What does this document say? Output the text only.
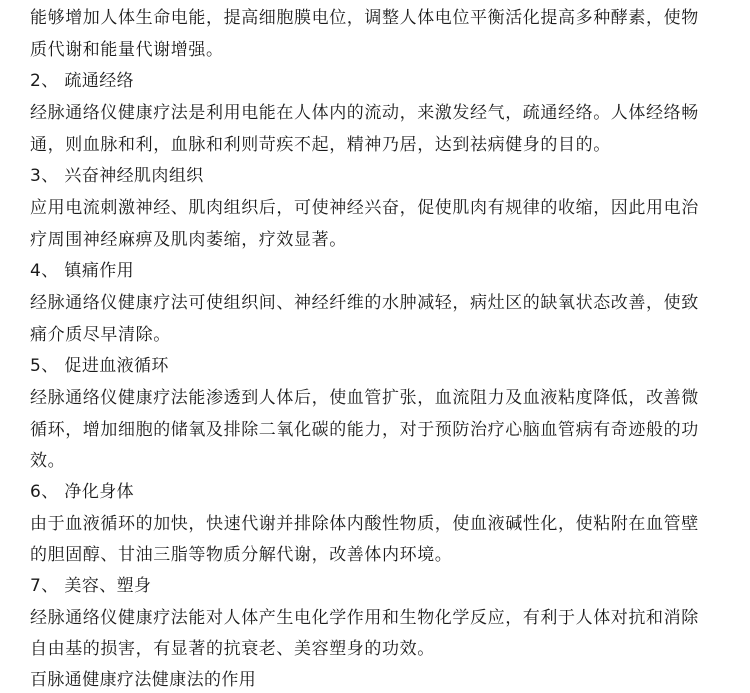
能够增加人体生命电能，提高细胞膜电位，调整人体电位平衡活化提高多种酵素，使物
质代谢和能量代谢增强。
2、 疏通经络
经脉通络仪健康疗法是利用电能在人体内的流动，来激发经气，疏通经络。人体经络畅
通，则血脉和利，血脉和利则苛疾不起，精神乃居，达到祛病健身的目的。
3、 兴奋神经肌肉组织
应用电流刺激神经、肌肉组织后，可使神经兴奋，促使肌肉有规律的收缩，因此用电治
疗周围神经麻痹及肌肉萎缩，疗效显著。
4、 镇痛作用
经脉通络仪健康疗法可使组织间、神经纤维的水肿减轻，病灶区的缺氧状态改善，使致
痛介质尽早清除。
5、 促进血液循环
经脉通络仪健康疗法能渗透到人体后，使血管扩张，血流阻力及血液粘度降低，改善微
循环，增加细胞的储氧及排除二氧化碳的能力，对于预防治疗心脑血管病有奇迹般的功
效。
6、 净化身体
由于血液循环的加快，快速代谢并排除体内酸性物质，使血液碱性化，使粘附在血管壁
的胆固醇、甘油三脂等物质分解代谢，改善体内环境。
7、 美容、塑身
经脉通络仪健康疗法能对人体产生电化学作用和生物化学反应，有利于人体对抗和消除
自由基的损害，有显著的抗衰老、美容塑身的功效。
百脉通健康疗法健康法的作用
